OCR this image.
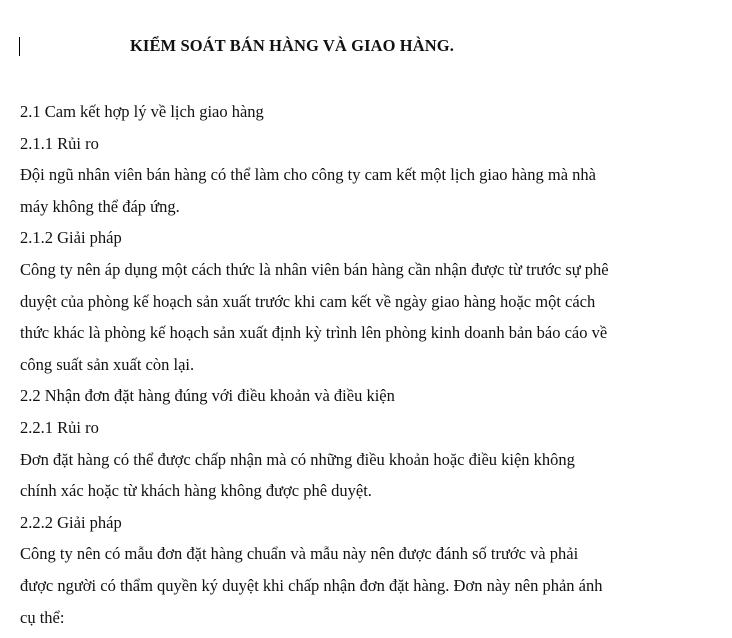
KIỂM SOÁT BÁN HÀNG VÀ GIAO HÀNG.
2.1 Cam kết hợp lý về lịch giao hàng
2.1.1 Rủi ro
Đội ngũ nhân viên bán hàng có thể làm cho công ty cam kết một lịch giao hàng mà nhà
máy không thể đáp ứng.
2.1.2 Giải pháp
Công ty nên áp dụng một cách thức là nhân viên bán hàng cần nhận được từ trước sự phê
duyệt của phòng kế hoạch sản xuất trước khi cam kết về ngày giao hàng hoặc một cách
thức khác là phòng kế hoạch sản xuất định kỳ trình lên phòng kinh doanh bản báo cáo về
công suất sản xuất còn lại.
2.2 Nhận đơn đặt hàng đúng với điều khoản và điều kiện
2.2.1 Rủi ro
Đơn đặt hàng có thể được chấp nhận mà có những điều khoản hoặc điều kiện không
chính xác hoặc từ khách hàng không được phê duyệt.
2.2.2 Giải pháp
Công ty nên có mẫu đơn đặt hàng chuẩn và mẫu này nên được đánh số trước và phải
được người có thẩm quyền ký duyệt khi chấp nhận đơn đặt hàng. Đơn này nên phản ánh
cụ thể:
